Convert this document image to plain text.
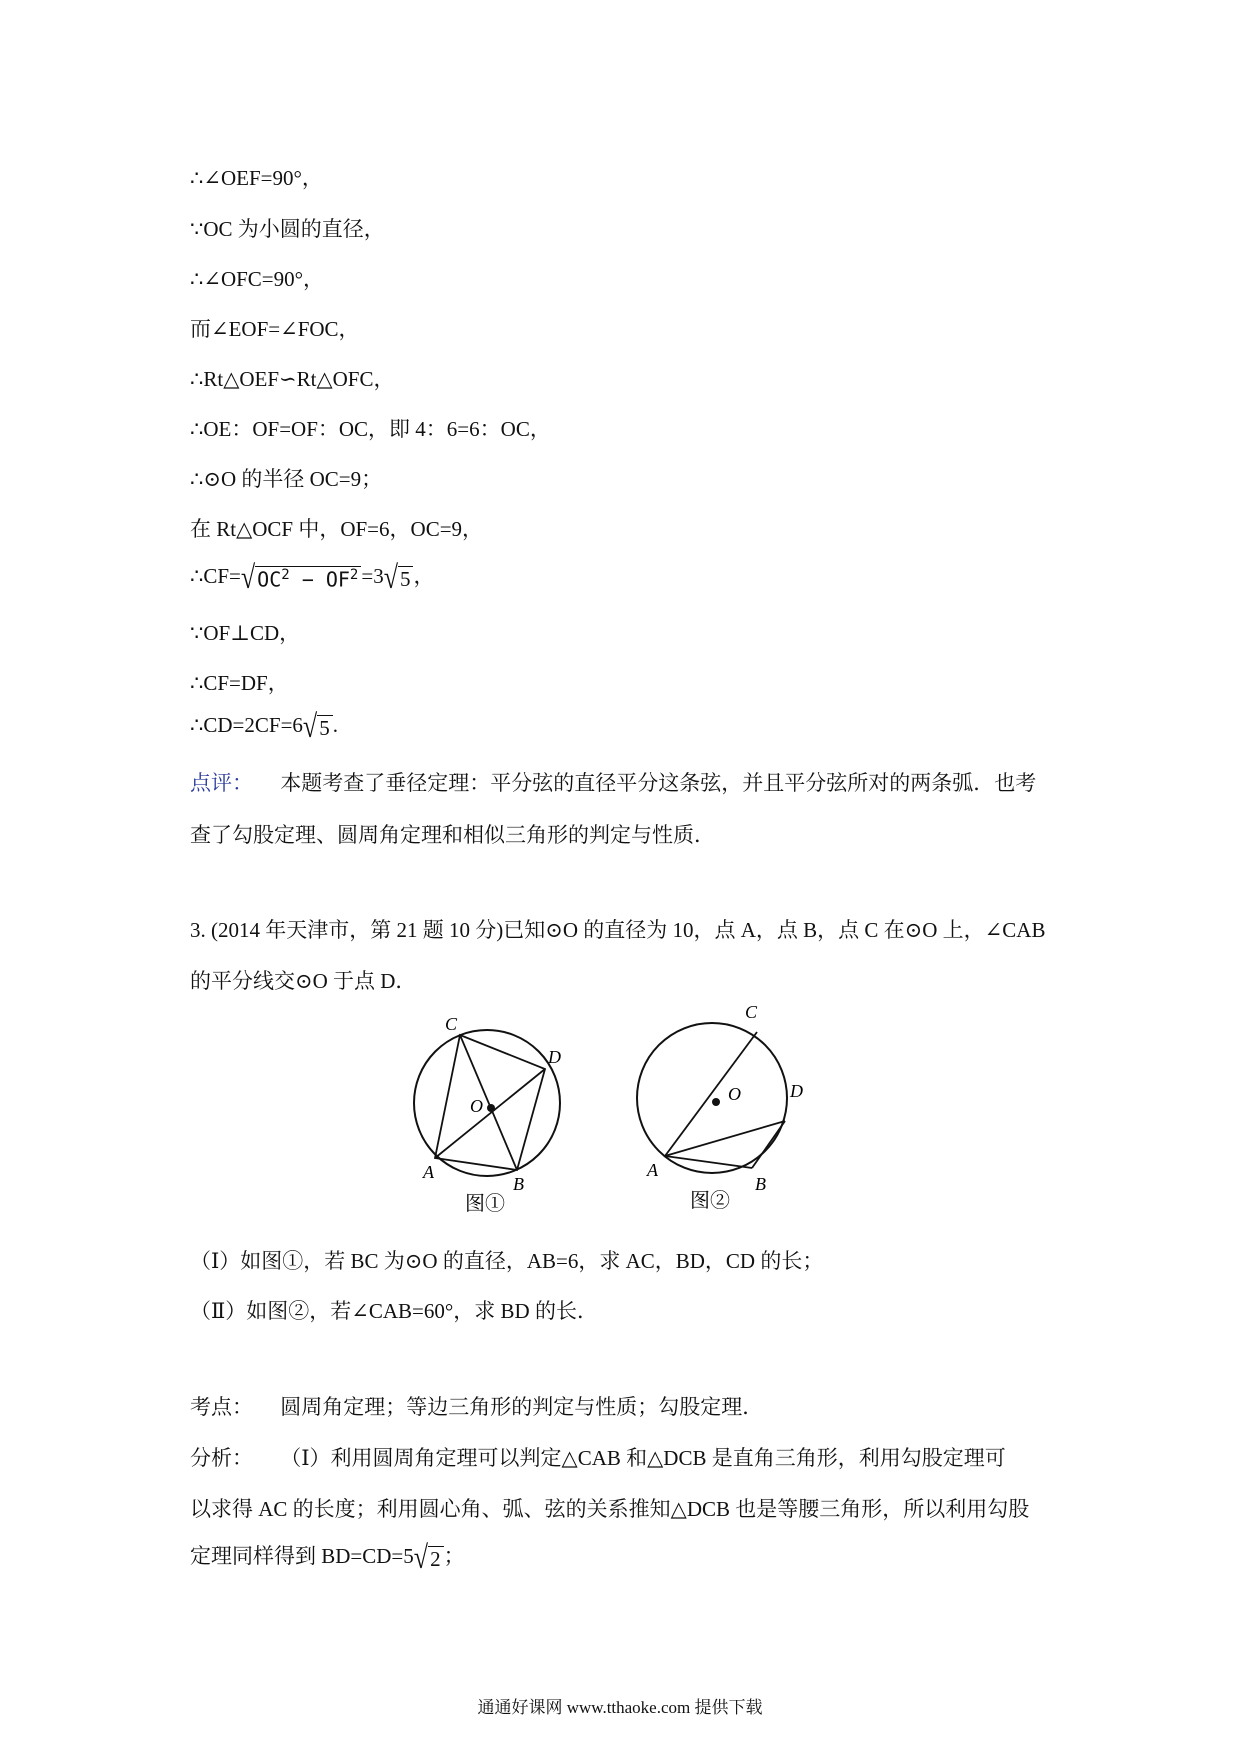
∴∠OEF=90°，
∵OC 为小圆的直径，
∴∠OFC=90°，
而∠EOF=∠FOC，
∴Rt△OEF∽Rt△OFC，
∴OE：OF=OF：OC，即 4：6=6：OC，
∴⊙O 的半径 OC=9；
在 Rt△OCF 中，OF=6，OC=9，
∴CF=√ $OC^2 - OF^2 =3√5$ ，
∵OF⊥CD，
∴CF=DF，
∴CD=2CF=6√5 .
点评： 本题考查了垂径定理：平分弦的直径平分这条弦，并且平分弦所对的两条弧．也考
查了勾股定理、圆周角定理和相似三角形的判定与性质．
3. (2014 年天津市，第 21 题 10 分)已知⊙O 的直径为 10，点 A，点 B，点 C 在⊙O 上，∠CAB
的平分线交⊙O 于点 D．
C
D
O
A
B
图①
C
O	D
A
B
图②
（Ⅰ）如图①，若 BC 为⊙O 的直径，AB=6，求 AC，BD，CD 的长；
（Ⅱ）如图②，若∠CAB=60°，求 BD 的长．
考点： 圆周角定理；等边三角形的判定与性质；勾股定理．
分析： （Ⅰ）利用圆周角定理可以判定△CAB 和△DCB 是直角三角形，利用勾股定理可
以求得 AC 的长度；利用圆心角、弧、弦的关系推知△DCB 也是等腰三角形，所以利用勾股
定理同样得到 BD=CD=5√2 ；
通通好课网 www.tthaoke.com 提供下载
